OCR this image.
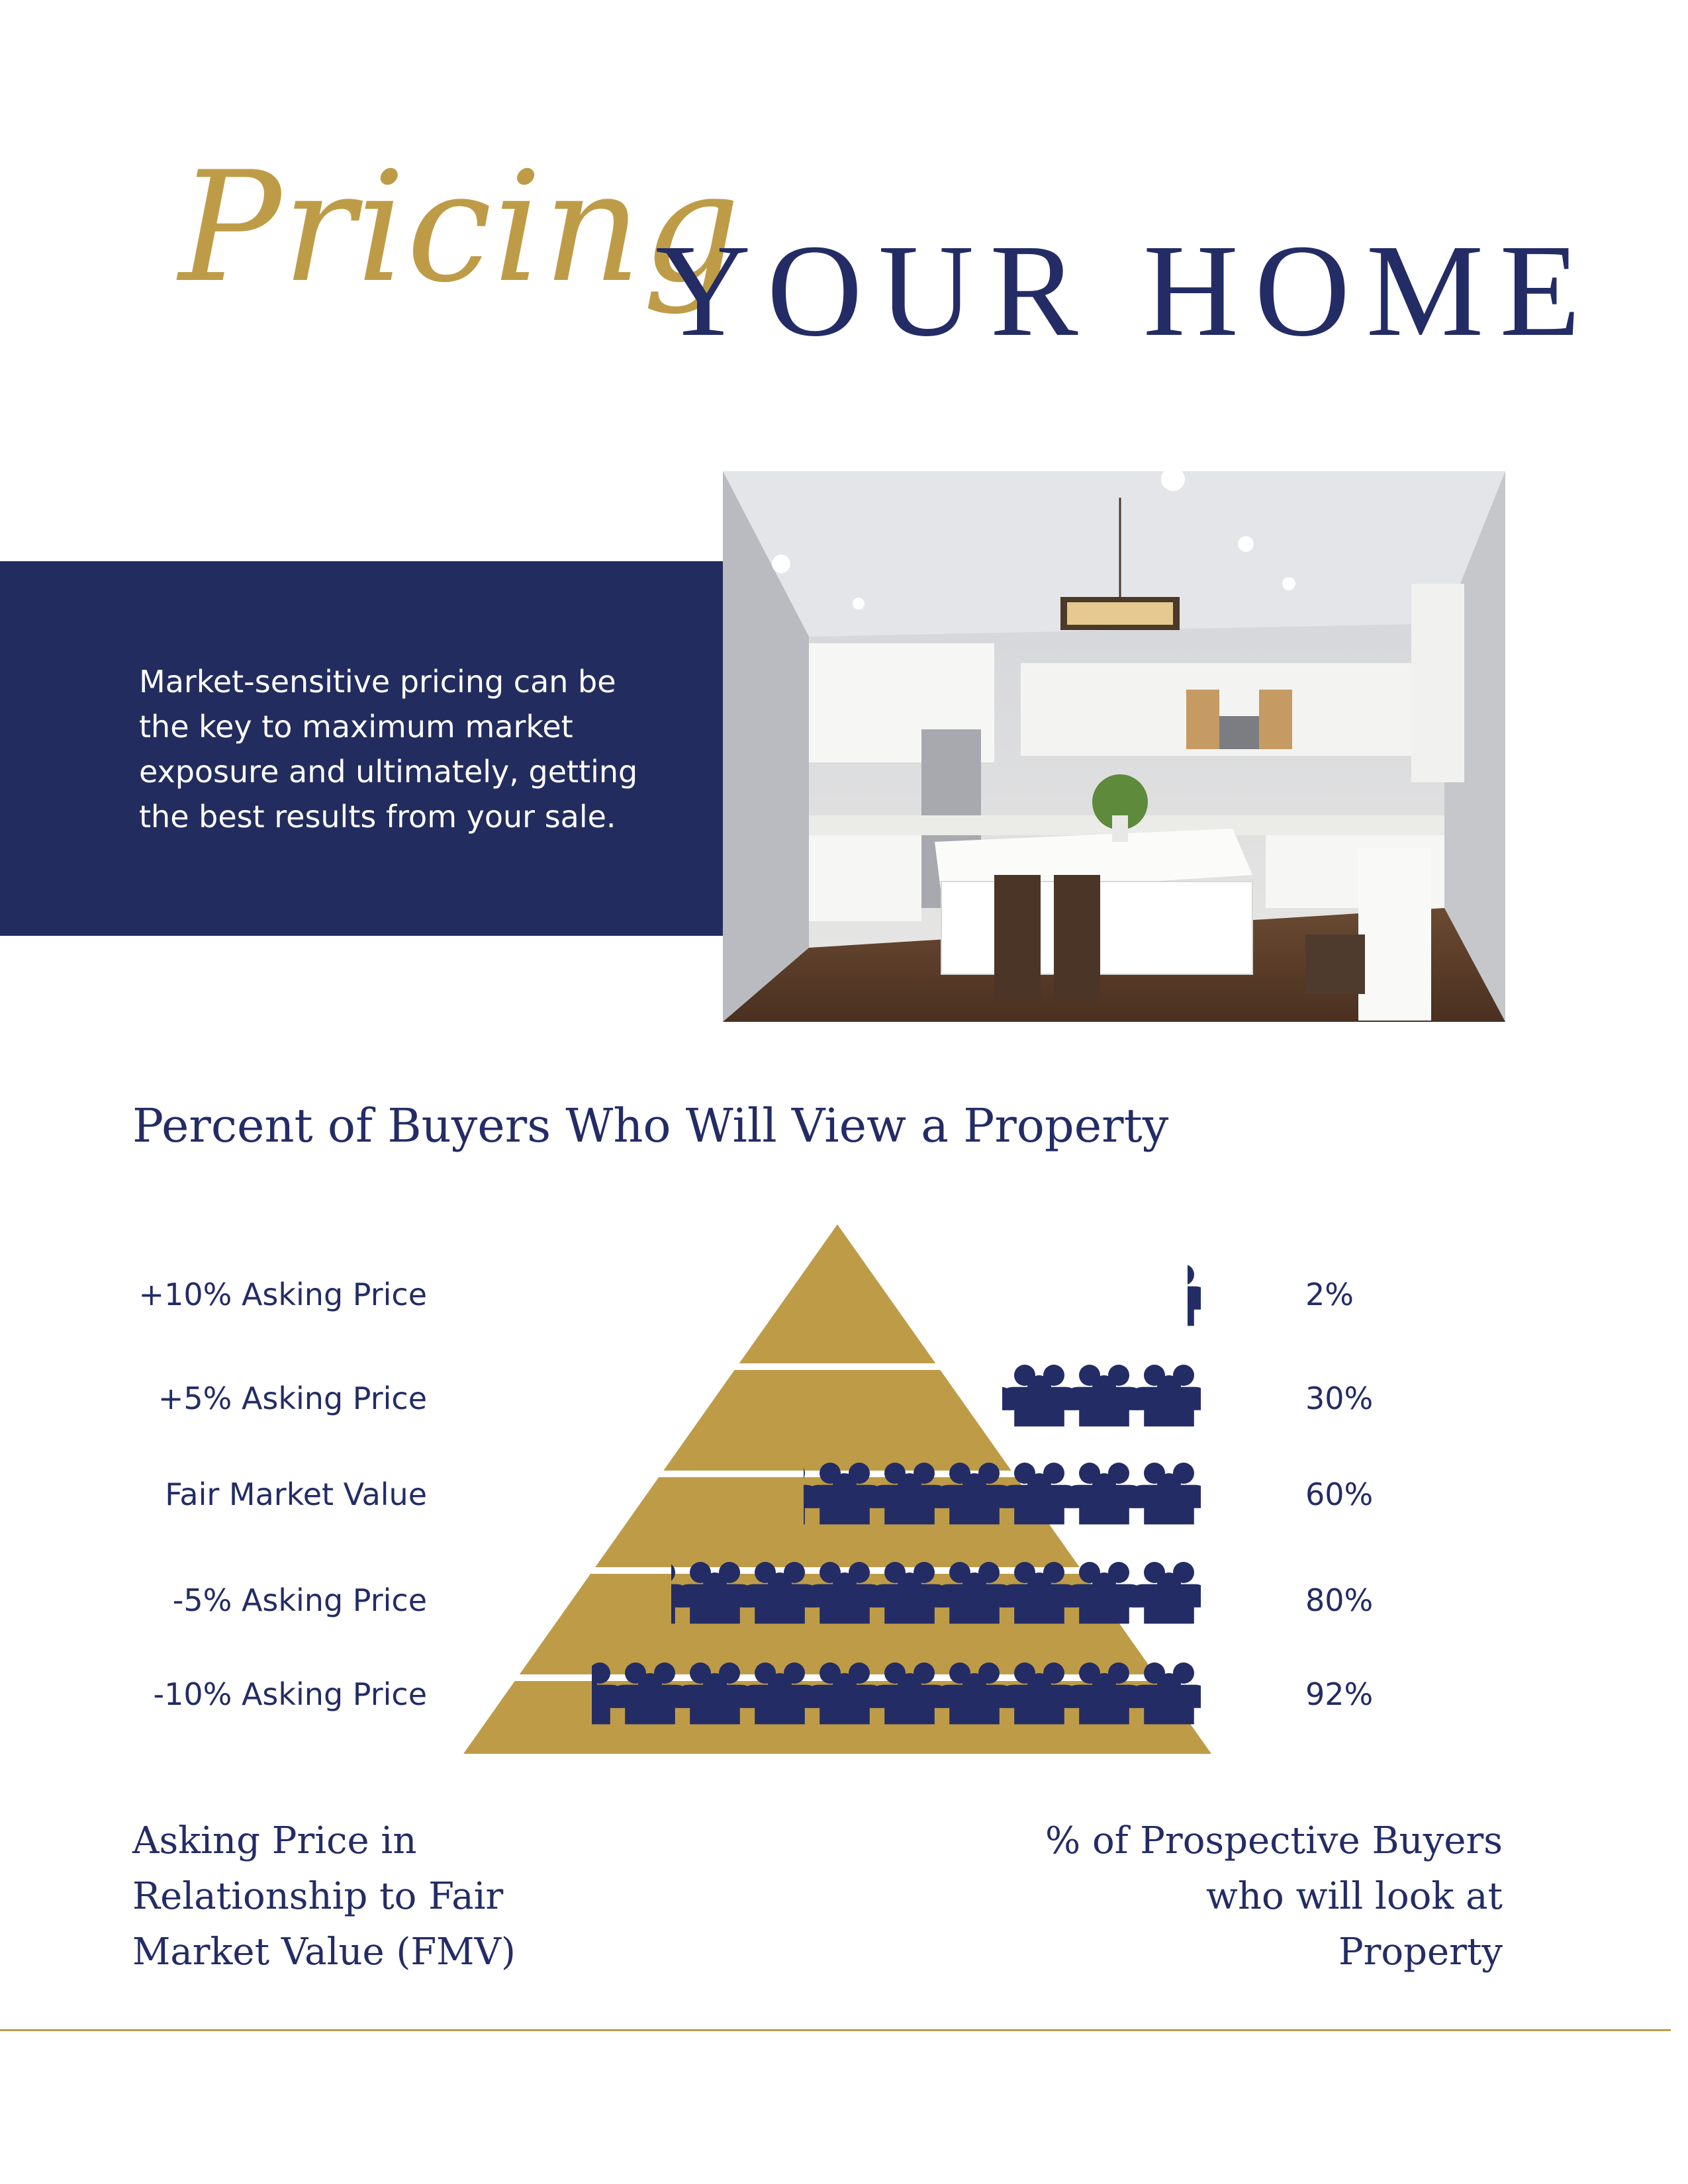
Pricing
YOUR HOME

Market-sensitive pricing can be the key to maximum market exposure and ultimately, getting the best results from your sale.

Percent of Buyers Who Will View a Property
+10% Asking Price
+5% Asking Price
Fair Market Value
-5% Asking Price
-10% Asking Price
2%
30%
60%
80%
92%
Asking Price in Relationship to Fair Market Value (FMV)
% of Prospective Buyers who will look at Property
